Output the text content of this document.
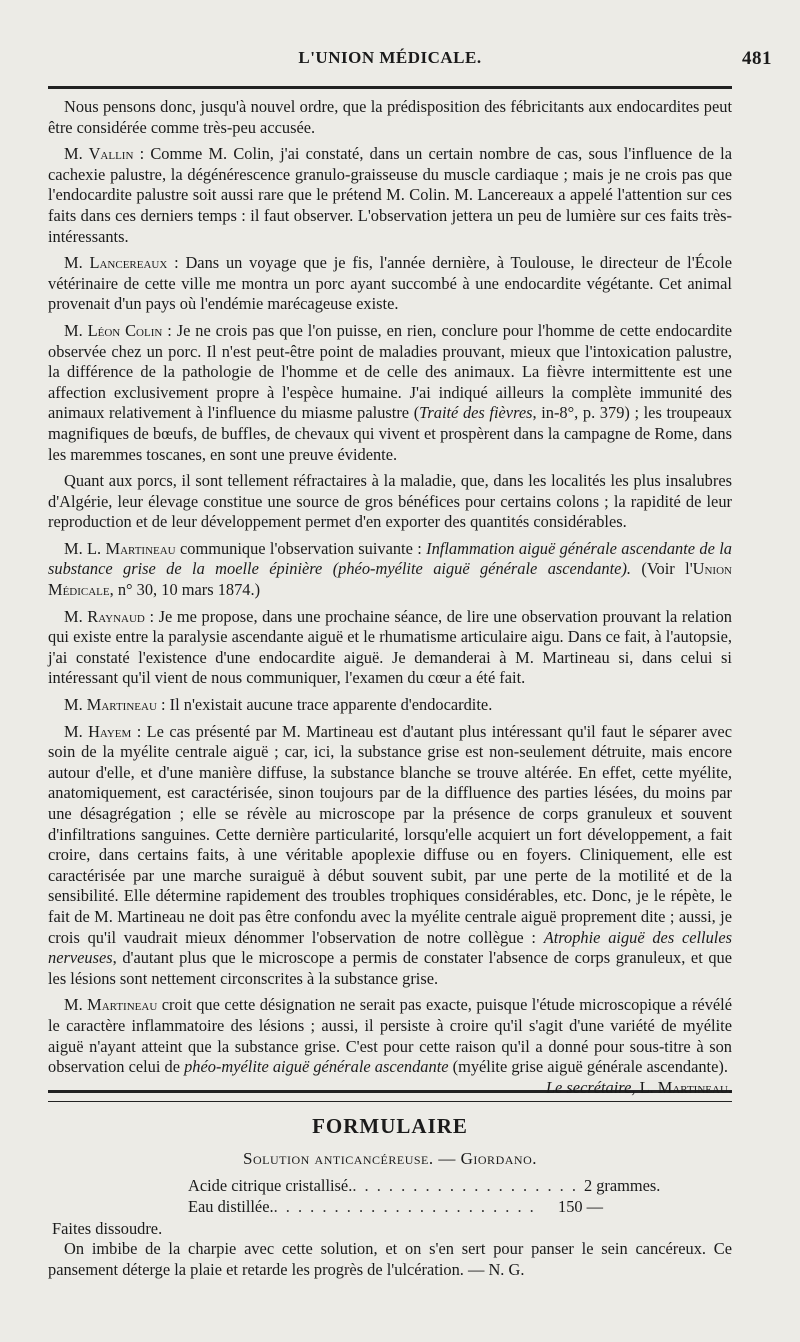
L'UNION MÉDICALE.	481

Nous pensons donc, jusqu'à nouvel ordre, que la prédisposition des fébricitants aux endocardites peut être considérée comme très-peu accusée.

M. Vallin : Comme M. Colin, j'ai constaté, dans un certain nombre de cas, sous l'influence de la cachexie palustre, la dégénérescence granulo-graisseuse du muscle cardiaque ; mais je ne crois pas que l'endocardite palustre soit aussi rare que le prétend M. Colin. M. Lancereaux a appelé l'attention sur ces faits dans ces derniers temps : il faut observer. L'observation jettera un peu de lumière sur ces faits très-intéressants.

M. Lancereaux : Dans un voyage que je fis, l'année dernière, à Toulouse, le directeur de l'École vétérinaire de cette ville me montra un porc ayant succombé à une endocardite végétante. Cet animal provenait d'un pays où l'endémie marécageuse existe.

M. Léon Colin : Je ne crois pas que l'on puisse, en rien, conclure pour l'homme de cette endocardite observée chez un porc. Il n'est peut-être point de maladies prouvant, mieux que l'intoxication palustre, la différence de la pathologie de l'homme et de celle des animaux. La fièvre intermittente est une affection exclusivement propre à l'espèce humaine. J'ai indiqué ailleurs la complète immunité des animaux relativement à l'influence du miasme palustre (Traité des fièvres, in-8°, p. 379) ; les troupeaux magnifiques de bœufs, de buffles, de chevaux qui vivent et prospèrent dans la campagne de Rome, dans les maremmes toscanes, en sont une preuve évidente.

Quant aux porcs, il sont tellement réfractaires à la maladie, que, dans les localités les plus insalubres d'Algérie, leur élevage constitue une source de gros bénéfices pour certains colons ; la rapidité de leur reproduction et de leur développement permet d'en exporter des quantités considérables.

M. L. Martineau communique l'observation suivante : Inflammation aiguë générale ascendante de la substance grise de la moelle épinière (phéo-myélite aiguë générale ascendante). (Voir l'Union Médicale, n° 30, 10 mars 1874.)

M. Raynaud : Je me propose, dans une prochaine séance, de lire une observation prouvant la relation qui existe entre la paralysie ascendante aiguë et le rhumatisme articulaire aigu. Dans ce fait, à l'autopsie, j'ai constaté l'existence d'une endocardite aiguë. Je demanderai à M. Martineau si, dans celui si intéressant qu'il vient de nous communiquer, l'examen du cœur a été fait.

M. Martineau : Il n'existait aucune trace apparente d'endocardite.

M. Hayem : Le cas présenté par M. Martineau est d'autant plus intéressant qu'il faut le séparer avec soin de la myélite centrale aiguë ; car, ici, la substance grise est non-seulement détruite, mais encore autour d'elle, et d'une manière diffuse, la substance blanche se trouve altérée. En effet, cette myélite, anatomiquement, est caractérisée, sinon toujours par de la diffluence des parties lésées, du moins par une désagrégation ; elle se révèle au microscope par la présence de corps granuleux et souvent d'infiltrations sanguines. Cette dernière particularité, lorsqu'elle acquiert un fort développement, a fait croire, dans certains faits, à une véritable apoplexie diffuse ou en foyers. Cliniquement, elle est caractérisée par une marche suraiguë à début souvent subit, par une perte de la motilité et de la sensibilité. Elle détermine rapidement des troubles trophiques considérables, etc. Donc, je le répète, le fait de M. Martineau ne doit pas être confondu avec la myélite centrale aiguë proprement dite ; aussi, je crois qu'il vaudrait mieux dénommer l'observation de notre collègue : Atrophie aiguë des cellules nerveuses, d'autant plus que le microscope a permis de constater l'absence de corps granuleux, et que les lésions sont nettement circonscrites à la substance grise.

M. Martineau croit que cette désignation ne serait pas exacte, puisque l'étude microscopique a révélé le caractère inflammatoire des lésions ; aussi, il persiste à croire qu'il s'agit d'une variété de myélite aiguë n'ayant atteint que la substance grise. C'est pour cette raison qu'il a donné pour sous-titre à son observation celui de phéo-myélite aiguë générale ascendante (myélite grise aiguë générale ascendante).
Le secrétaire, L. Martineau.

FORMULAIRE
Solution anticancéreuse. — Giordano.
Acide citrique cristallisé. . . . . . . . . . . . . . . . . . . . 2 grammes.
Eau distillée. . . . . . . . . . . . . . . . . . . . . . .	150 —

Faites dissoudre.

On imbibe de la charpie avec cette solution, et on s'en sert pour panser le sein cancéreux. Ce pansement déterge la plaie et retarde les progrès de l'ulcération. — N. G.
